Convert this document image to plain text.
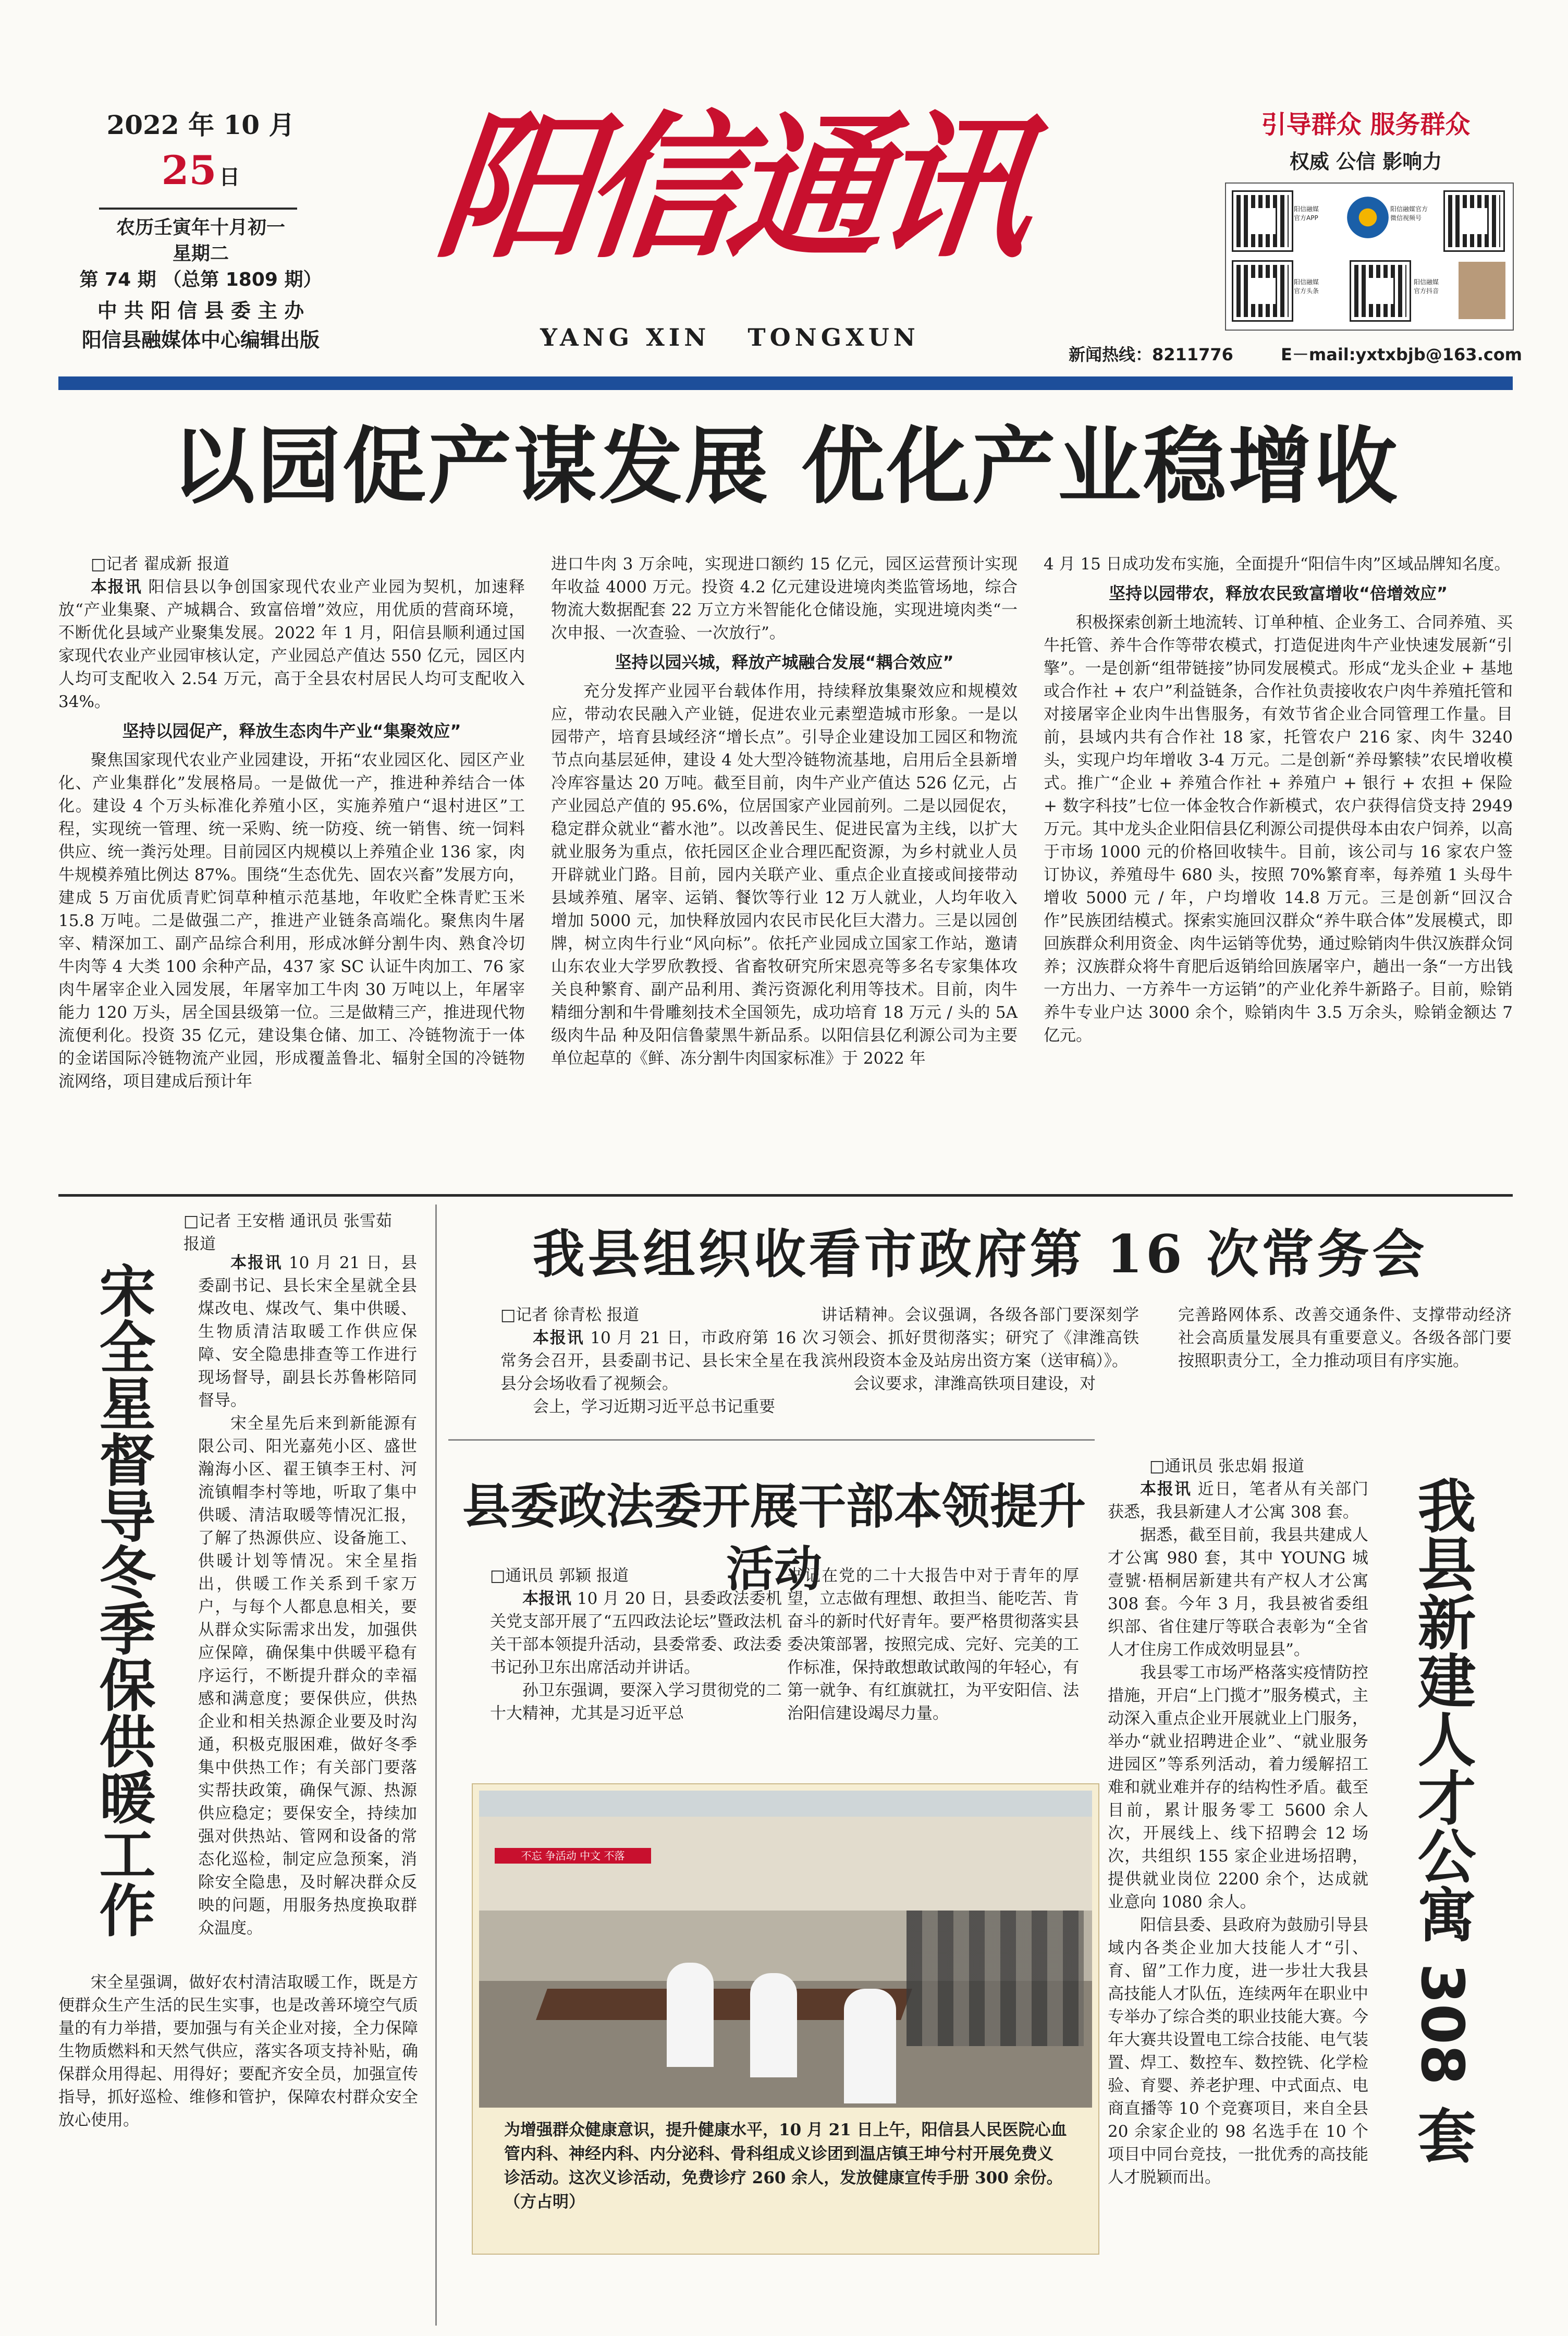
2022 年 10 月
25 日
农历壬寅年十月初一
星期二
第 74 期 （总第 1809 期）
中 共 阳 信 县 委 主 办
阳信县融媒体中心编辑出版
阳信通讯
YANG XIN   TONGXUN
引导群众 服务群众
权威 公信 影响力
阳信融媒
官方APP
阳信融媒官方
微信视频号
阳信融媒
官方头条
阳信融媒
官方抖音
新闻热线：8211776	E－mail:yxtxbjb@163.com
以园促产谋发展 优化产业稳增收

□记者 翟成新 报道

本报讯 阳信县以争创国家现代农业产业园为契机，加速释放“产业集聚、产城耦合、致富倍增”效应，用优质的营商环境，不断优化县域产业聚集发展。2022 年 1 月，阳信县顺利通过国家现代农业产业园审核认定，产业园总产值达 550 亿元，园区内人均可支配收入 2.54 万元，高于全县农村居民人均可支配收入 34%。

坚持以园促产，释放生态肉牛产业“集聚效应”

聚焦国家现代农业产业园建设，开拓“农业园区化、园区产业化、产业集群化”发展格局。一是做优一产，推进种养结合一体化。建设 4 个万头标准化养殖小区，实施养殖户“退村进区”工程，实现统一管理、统一采购、统一防疫、统一销售、统一饲料供应、统一粪污处理。目前园区内规模以上养殖企业 136 家，肉牛规模养殖比例达 87%。围绕“生态优先、固农兴畜”发展方向，建成 5 万亩优质青贮饲草种植示范基地，年收贮全株青贮玉米 15.8 万吨。二是做强二产，推进产业链条高端化。聚焦肉牛屠宰、精深加工、副产品综合利用，形成冰鲜分割牛肉、熟食冷切牛肉等 4 大类 100 余种产品，437 家 SC 认证牛肉加工、76 家肉牛屠宰企业入园发展，年屠宰加工牛肉 30 万吨以上，年屠宰能力 120 万头，居全国县级第一位。三是做精三产，推进现代物流便利化。投资 35 亿元，建设集仓储、加工、冷链物流于一体的金诺国际冷链物流产业园，形成覆盖鲁北、辐射全国的冷链物流网络，项目建成后预计年

进口牛肉 3 万余吨，实现进口额约 15 亿元，园区运营预计实现年收益 4000 万元。投资 4.2 亿元建设进境肉类监管场地，综合物流大数据配套 22 万立方米智能化仓储设施，实现进境肉类“一次申报、一次查验、一次放行”。

坚持以园兴城，释放产城融合发展“耦合效应”

充分发挥产业园平台载体作用，持续释放集聚效应和规模效应，带动农民融入产业链，促进农业元素塑造城市形象。一是以园带产，培育县域经济“增长点”。引导企业建设加工园区和物流节点向基层延伸，建设 4 处大型冷链物流基地，启用后全县新增冷库容量达 20 万吨。截至目前，肉牛产业产值达 526 亿元，占产业园总产值的 95.6%，位居国家产业园前列。二是以园促农，稳定群众就业“蓄水池”。以改善民生、促进民富为主线，以扩大就业服务为重点，依托园区企业合理匹配资源，为乡村就业人员开辟就业门路。目前，园内关联产业、重点企业直接或间接带动县域养殖、屠宰、运销、餐饮等行业 12 万人就业，人均年收入增加 5000 元，加快释放园内农民市民化巨大潜力。三是以园创牌，树立肉牛行业“风向标”。依托产业园成立国家工作站，邀请山东农业大学罗欣教授、省畜牧研究所宋恩亮等多名专家集体攻关良种繁育、副产品利用、粪污资源化利用等技术。目前，肉牛精细分割和牛骨雕刻技术全国领先，成功培育 18 万元 / 头的 5A 级肉牛品 种及阳信鲁蒙黑牛新品系。以阳信县亿利源公司为主要单位起草的《鲜、冻分割牛肉国家标准》于 2022 年

4 月 15 日成功发布实施，全面提升“阳信牛肉”区域品牌知名度。

坚持以园带农，释放农民致富增收“倍增效应”

积极探索创新土地流转、订单种植、企业务工、合同养殖、买牛托管、养牛合作等带农模式，打造促进肉牛产业快速发展新“引擎”。一是创新“组带链接”协同发展模式。形成“龙头企业 + 基地或合作社 + 农户”利益链条，合作社负责接收农户肉牛养殖托管和对接屠宰企业肉牛出售服务，有效节省企业合同管理工作量。目前，县域内共有合作社 18 家，托管农户 216 家、肉牛 3240 头，实现户均年增收 3-4 万元。二是创新“养母繁犊”农民增收模式。推广“企业 + 养殖合作社 + 养殖户 + 银行 + 农担 + 保险 + 数字科技”七位一体金牧合作新模式，农户获得信贷支持 2949 万元。其中龙头企业阳信县亿利源公司提供母本由农户饲养，以高于市场 1000 元的价格回收犊牛。目前，该公司与 16 家农户签订协议，养殖母牛 680 头，按照 70%繁育率，每养殖 1 头母牛增收 5000 元 / 年，户均增收 14.8 万元。三是创新“回汉合作”民族团结模式。探索实施回汉群众“养牛联合体”发展模式，即回族群众利用资金、肉牛运销等优势，通过赊销肉牛供汉族群众饲养；汉族群众将牛育肥后返销给回族屠宰户，趟出一条“一方出钱一方出力、一方养牛一方运销”的产业化养牛新路子。目前，赊销养牛专业户达 3000 余个，赊销肉牛 3.5 万余头，赊销金额达 7 亿元。

□记者 王安楷 通讯员 张雪茹 报道

宋全星督导冬季保供暖工作	本报讯 10 月 21 日，县委副书记、县长宋全星就全县煤改电、煤改气、集中供暖、生物质清洁取暖工作供应保障、安全隐患排查等工作进行现场督导，副县长苏鲁彬陪同督导。

宋全星先后来到新能源有限公司、阳光嘉苑小区、盛世瀚海小区、翟王镇李王村、河流镇帽李村等地，听取了集中供暖、清洁取暖等情况汇报，了解了热源供应、设备施工、供暖计划等情况。宋全星指出，供暖工作关系到千家万户，与每个人都息息相关，要从群众实际需求出发，加强供应保障，确保集中供暖平稳有序运行，不断提升群众的幸福感和满意度；要保供应，供热企业和相关热源企业要及时沟通，积极克服困难，做好冬季集中供热工作；有关部门要落实帮扶政策，确保气源、热源供应稳定；要保安全，持续加强对供热站、管网和设备的常态化巡检，制定应急预案，消除安全隐患，及时解决群众反映的问题，用服务热度换取群众温度。

宋全星强调，做好农村清洁取暖工作，既是方便群众生产生活的民生实事，也是改善环境空气质量的有力举措，要加强与有关企业对接，全力保障生物质燃料和天然气供应，落实各项支持补贴，确保群众用得起、用得好；要配齐安全员，加强宣传指导，抓好巡检、维修和管护，保障农村群众安全放心使用。

我县组织收看市政府第 16 次常务会

□记者 徐青松 报道

本报讯 10 月 21 日，市政府第 16 次常务会召开，县委副书记、县长宋全星在我县分会场收看了视频会。

会上，学习近期习近平总书记重要

讲话精神。会议强调，各级各部门要深刻学习领会、抓好贯彻落实；研究了《津潍高铁滨州段资本金及站房出资方案（送审稿）》。

会议要求，津潍高铁项目建设，对

完善路网体系、改善交通条件、支撑带动经济社会高质量发展具有重要意义。各级各部门要按照职责分工，全力推动项目有序实施。

县委政法委开展干部本领提升活动

□通讯员 郭颖 报道

本报讯 10 月 20 日，县委政法委机关党支部开展了“五四政法论坛”暨政法机关干部本领提升活动，县委常委、政法委书记孙卫东出席活动并讲话。

孙卫东强调，要深入学习贯彻党的二十大精神，尤其是习近平总

书记在党的二十大报告中对于青年的厚望，立志做有理想、敢担当、能吃苦、肯奋斗的新时代好青年。要严格贯彻落实县委决策部署，按照完成、完好、完美的工作标准，保持敢想敢试敢闯的年轻心，有第一就争、有红旗就扛，为平安阳信、法治阳信建设竭尽力量。

不忘 争活动 中文 不落
为增强群众健康意识，提升健康水平，10 月 21 日上午，阳信县人民医院心血管内科、神经内科、内分泌科、骨科组成义诊团到温店镇王坤兮村开展免费义诊活动。这次义诊活动，免费诊疗 260 余人，发放健康宣传手册 300 余份。（方占明）

□通讯员 张忠娟 报道

本报讯 近日，笔者从有关部门获悉，我县新建人才公寓 308 套。

据悉，截至目前，我县共建成人才公寓 980 套，其中 YOUNG 城壹號·梧桐居新建共有产权人才公寓 308 套。今年 3 月，我县被省委组织部、省住建厅等联合表彰为“全省人才住房工作成效明显县”。

我县零工市场严格落实疫情防控措施，开启“上门揽才”服务模式，主动深入重点企业开展就业上门服务，举办“就业招聘进企业”、“就业服务进园区”等系列活动，着力缓解招工难和就业难并存的结构性矛盾。截至目前，累计服务零工 5600 余人次，开展线上、线下招聘会 12 场次，共组织 155 家企业进场招聘，提供就业岗位 2200 余个，达成就业意向 1080 余人。

阳信县委、县政府为鼓励引导县域内各类企业加大技能人才“引、育、留”工作力度，进一步壮大我县高技能人才队伍，连续两年在职业中专举办了综合类的职业技能大赛。今年大赛共设置电工综合技能、电气装置、焊工、数控车、数控铣、化学检验、育婴、养老护理、中式面点、电商直播等 10 个竞赛项目，来自全县 20 余家企业的 98 名选手在 10 个项目中同台竞技，一批优秀的高技能人才脱颖而出。

我县新建人才公寓 308 套
